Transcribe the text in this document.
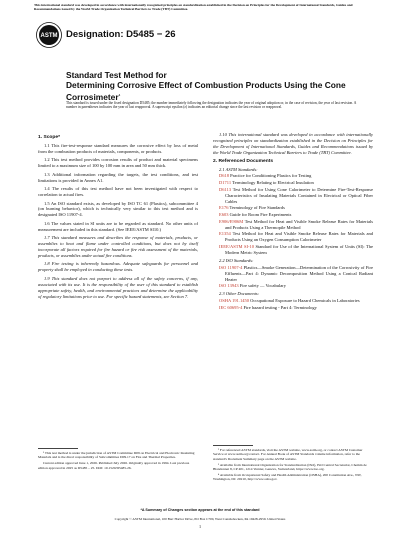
This international standard was developed in accordance with internationally recognized principles on standardization established in the Decision on Principles for the Development of International Standards, Guides and Recommendations issued by the World Trade Organization Technical Barriers to Trade (TBT) Committee.
ASTM Designation: D5485 − 26
Standard Test Method for
Determining Corrosive Effect of Combustion Products Using the Cone Corrosimeter$^1$
This standard is issued under the fixed designation D5485; the number immediately following the designation indicates the year of original adoption or, in the case of revision, the year of last revision. A number in parentheses indicates the year of last reapproval. A superscript epsilon (ε) indicates an editorial change since the last revision or reapproval.
1. Scope*
1.1 This fire-test-response standard measures the corrosive effect by loss of metal from the combustion products of materials, components, or products.
1.2 This test method provides corrosion results of product and material specimens limited to a maximum size of 100 by 100 mm in area and 50 mm thick.
1.3 Additional information regarding the targets, the test conditions, and test limitations is provided in Annex A1.
1.4 The results of this test method have not been investigated with respect to correlation to actual fires.
1.5 An ISO standard exists, as developed by ISO TC 61 (Plastics), subcommittee 4 (on burning behavior), which is technically very similar to this test method and is designated ISO 11907-4.
1.6 The values stated in SI units are to be regarded as standard. No other units of measurement are included in this standard. (See IEEE/ASTM SI10.)
1.7 This standard measures and describes the response of materials, products, or assemblies to heat and flame under controlled conditions, but does not by itself incorporate all factors required for fire hazard or fire risk assessment of the materials, products, or assemblies under actual fire conditions.
1.8 Fire testing is inherently hazardous. Adequate safeguards for personnel and property shall be employed in conducting these tests.
1.9 This standard does not purport to address all of the safety concerns, if any, associated with its use. It is the responsibility of the user of this standard to establish appropriate safety, health, and environmental practices and determine the applicability of regulatory limitations prior to use. For specific hazard statements, see Section 7.
1.10 This international standard was developed in accordance with internationally recognized principles on standardization established in the Decision on Principles for the Development of International Standards, Guides and Recommendations issued by the World Trade Organization Technical Barriers to Trade (TBT) Committee.
2. Referenced Documents
2.1 ASTM Standards:
D618 Practice for Conditioning Plastics for Testing
D1711 Terminology Relating to Electrical Insulation
D6113 Test Method for Using Cone Calorimeter to Determine Fire-Test-Response Characteristics of Insulating Materials Contained in Electrical or Optical Fiber Cables
E176 Terminology of Fire Standards
E603 Guide for Room Fire Experiments
E906/E906M Test Method for Heat and Visible Smoke Release Rates for Materials and Products Using a Thermopile Method
E1354 Test Method for Heat and Visible Smoke Release Rates for Materials and Products Using an Oxygen Consumption Calorimeter
IEEE/ASTM SI-10 Standard for Use of the International System of Units (SI): The Modern Metric System
2.2 ISO Standards:
ISO 11907-4 Plastics—Smoke Generation—Determination of the Corrosivity of Fire Effluents—Part 4: Dynamic Decomposition Method Using a Conical Radiant Heater
ISO 13943 Fire safety — Vocabulary
2.3 Other Documents:
OSHA 191.1450 Occupational Exposure to Hazard Chemicals in Laboratories
IEC 60695-4 Fire hazard testing - Part 4: Terminology
¹ This test method is under the jurisdiction of ASTM Committee D09 on Electrical and Electronic Insulating Materials and is the direct responsibility of Subcommittee D09.17 on Fire and Thermal Properties.
Current edition approved June 1, 2026. Published July 2026. Originally approved in 1994. Last previous edition approved in 2025 as D5485 – 25. DOI: 10.1520/D5485-26.
² For referenced ASTM standards, visit the ASTM website, www.astm.org, or contact ASTM Customer Service at www.astm.org/contact. For Annual Book of ASTM Standards volume information, refer to the standard's Document Summary page on the ASTM website.
³ Available from International Organization for Standardization (ISO), ISO Central Secretariat, Chemin de Blandonnet 8, CP 401, 1214 Vernier, Geneva, Switzerland, https://www.iso.org.
⁴ Available from Occupational Safety and Health Administration (OSHA), 200 Constitution Ave., NW, Washington, DC 20210, http://www.osha.gov.
*A Summary of Changes section appears at the end of this standard
Copyright © ASTM International, 100 Barr Harbor Drive, PO Box C700, West Conshohocken, PA 19428-2959. United States
1
